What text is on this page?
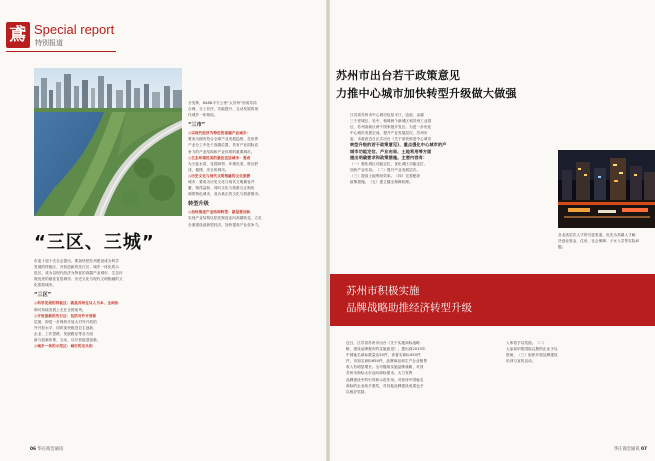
鳶 Special report
特别报道
“三区、三城”
市委十届十次全会提出，要加快把苏州建设成为科学
发展的样板区、开放创新的先行区、城乡一体化的示
范区，成为以现代经济为特征的高端产业城市、生态环
境优美的最佳宜居城市、历史文化与现代文明相融的文
化旅游城市。
“三区”
◎科学发展的样板区：就是苏州在以人为本、全面协
调可持续发展上走在全国前列。
◎开放创新的先行区：包括对外开放和
层面，即进一步保持开放大对外开放的
外开放水平，同时加快推进自主创新，
企业、工作思路、发展路径等各方面
新与创新体系，互动，以开放促进创新。
◎城乡一体的示范区：城市的龙头和
分发挥，8488平方公里“大苏州”形成布局
合理、分工有序、功能提升、互动发展的现
代城乡一体格局。
“三市”
◎以现代经济为特征的高端产业城市：
要成为拥有符合全球产业发展趋势、在世界
产业分工中处于高端位置，具有产业国际竞
争力的产业结构和产业体系的重要城市。
◎生态环境优美的最佳宜居城市：要成
为天蓝水清、花园绿邻、环境优美、科目舒
适、便捷、安全的城市。
◎历史文化与现代文明相融的文化旅游
城市：要成为历史文化与现代文明兼容并
蓄、相得益彰，同时文化与旅游互互相协
调的特色城市，成为真正的文化与旅游强市。
转型升级
◎加快推进产业结构转型：就是要加快
实现产业结构以依托制造业向高端转变，立足
全面建设创新型经济，加快提高产业竞争力。
06 华庄商会通讯
苏州市出台若干政策意见
力推中心城市加快转型升级做大做强
江苏省苏州市中心城市包括平江、沧浪、金阊
三个老城区，吴中、相城两个新城区和苏州工业园
区、苏州高新区两个国家级开发区。为进一步优化
中心城市发展空间，提升产业发展层次，苏州市
委、市政府近日正式出台《关于加快推进中心城市
转型升级的若干政策意见》，重点强化中心城市的产
城市功能定位、产业布局、土地利用等方面
提出明确要求和政策措施。主要内容有：
（一）强化城区功能定位，优化城区功能定位、
加快产业布局。（二）提升产业发展层次。
（三）提高土地利用效率。（四）完善配套
政策措施。（五）建立健全保障机制。
各业高层次人才的引进渠道，优先为高端人才解
决创业资金、住房、社会保障、子女入学等实际问
题。
苏州市积极实施
品牌战略助推经济转型升级
近日，江苏省苏州市出台《关于实施商标战略
略，建设品牌强市的实施意见》，提出到2015年
中国驰名商标数量达50件，省著名商标450件
件，市知名商标650件，品牌商品和生产企业销售
收入有明显增长。全市继续实施品牌战略，对获
苏州市商标大市迈向商标强市。大力发挥
品牌建设中的引导和示范作用。对获得中国驰名
商标的企业给予重奖，对其他品牌建设成果也予
以相应奖励。
入库将予以奖励。（二）
人参加申报国际注册的企业予以
资助，（三）组织开展品牌建设
培训与宣传活动。
华庄商会通讯 07
